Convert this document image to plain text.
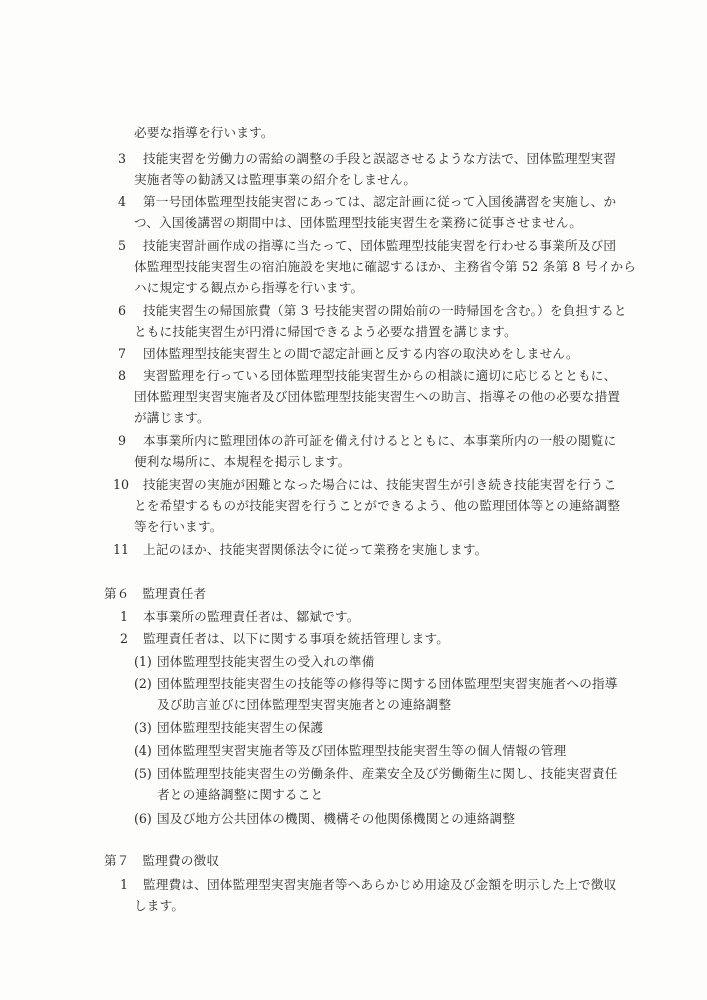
必要な指導を行います。
3 技能実習を労働力の需給の調整の手段と誤認させるような方法で、団体監理型実習
実施者等の勧誘又は監理事業の紹介をしません。
4 第一号団体監理型技能実習にあっては、認定計画に従って入国後講習を実施し、か
つ、入国後講習の期間中は、団体監理型技能実習生を業務に従事させません。
5 技能実習計画作成の指導に当たって、団体監理型技能実習を行わせる事業所及び団
体監理型技能実習生の宿泊施設を実地に確認するほか、主務省令第 52 条第 8 号イから
ハに規定する観点から指導を行います。
6 技能実習生の帰国旅費（第 3 号技能実習の開始前の一時帰国を含む。）を負担すると
ともに技能実習生が円滑に帰国できるよう必要な措置を講じます。
7 団体監理型技能実習生との間で認定計画と反する内容の取決めをしません。
8 実習監理を行っている団体監理型技能実習生からの相談に適切に応じるとともに、
団体監理型実習実施者及び団体監理型技能実習生への助言、指導その他の必要な措置
が講じます。
9 本事業所内に監理団体の許可証を備え付けるとともに、本事業所内の一般の閲覧に
便利な場所に、本規程を掲示します。
10 技能実習の実施が困難となった場合には、技能実習生が引き続き技能実習を行うこ
とを希望するものが技能実習を行うことができるよう、他の監理団体等との連絡調整
等を行います。
11 上記のほか、技能実習関係法令に従って業務を実施します。
第６　監理責任者
1 本事業所の監理責任者は、鄒斌です。
2 監理責任者は、以下に関する事項を統括管理します。
(1) 団体監理型技能実習生の受入れの準備
(2) 団体監理型技能実習生の技能等の修得等に関する団体監理型実習実施者への指導
及び助言並びに団体監理型実習実施者との連絡調整
(3) 団体監理型技能実習生の保護
(4) 団体監理型実習実施者等及び団体監理型技能実習生等の個人情報の管理
(5) 団体監理型技能実習生の労働条件、産業安全及び労働衛生に関し、技能実習責任
者との連絡調整に関すること
(6) 国及び地方公共団体の機関、機構その他関係機関との連絡調整
第７　監理費の徴収
1 監理費は、団体監理型実習実施者等へあらかじめ用途及び金額を明示した上で徴収
します。
